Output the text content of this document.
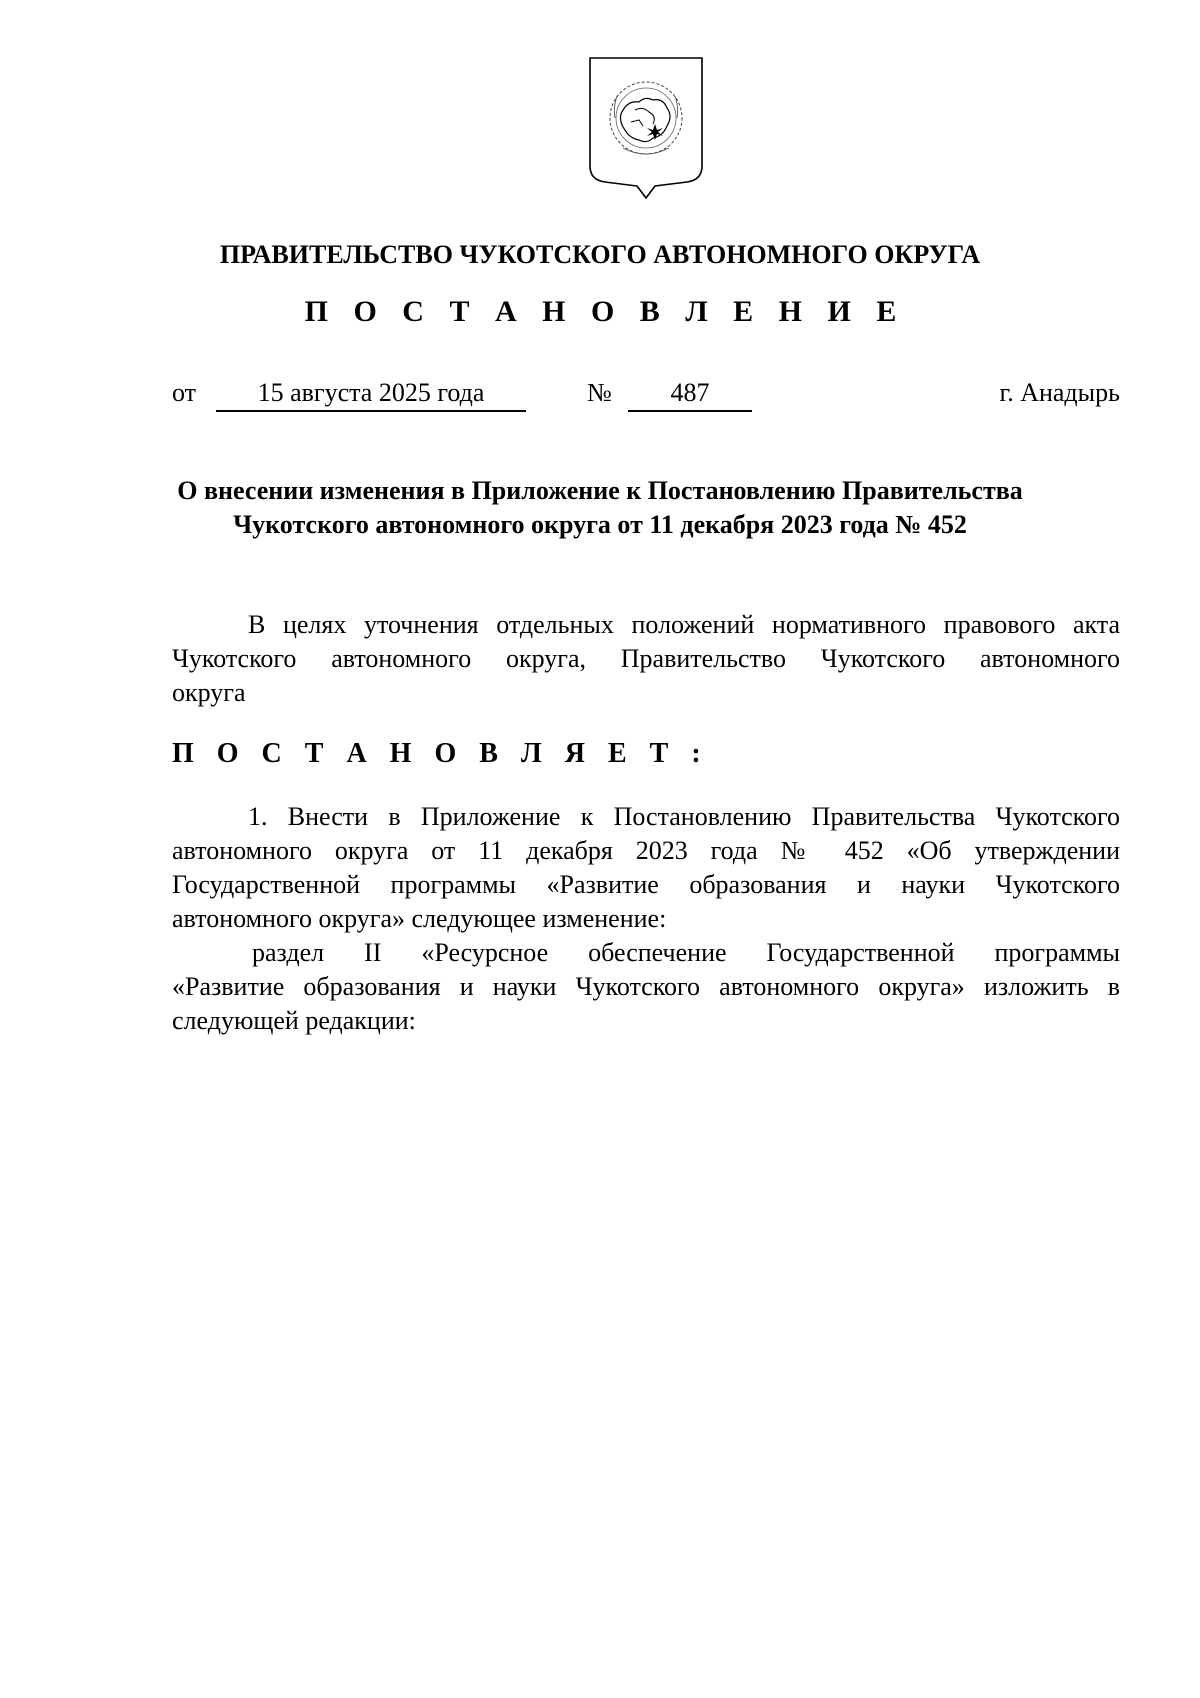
ПРАВИТЕЛЬСТВО ЧУКОТСКОГО АВТОНОМНОГО ОКРУГА
П О С Т А Н О В Л Е Н И Е
от	15 августа 2025 года	№	487	г. Анадырь
О внесении изменения в Приложение к Постановлению Правительства
Чукотского автономного округа от 11 декабря 2023 года № 452
В целях уточнения отдельных положений нормативного правового акта
Чукотского автономного округа, Правительство Чукотского автономного
округа
П О С Т А Н О В Л Я Е Т :
1. Внести в Приложение к Постановлению Правительства Чукотского
автономного округа от 11 декабря 2023 года № 452 «Об утверждении
Государственной программы «Развитие образования и науки Чукотского
автономного округа» следующее изменение:
раздел II «Ресурсное обеспечение Государственной программы
«Развитие образования и науки Чукотского автономного округа» изложить в
следующей редакции:
